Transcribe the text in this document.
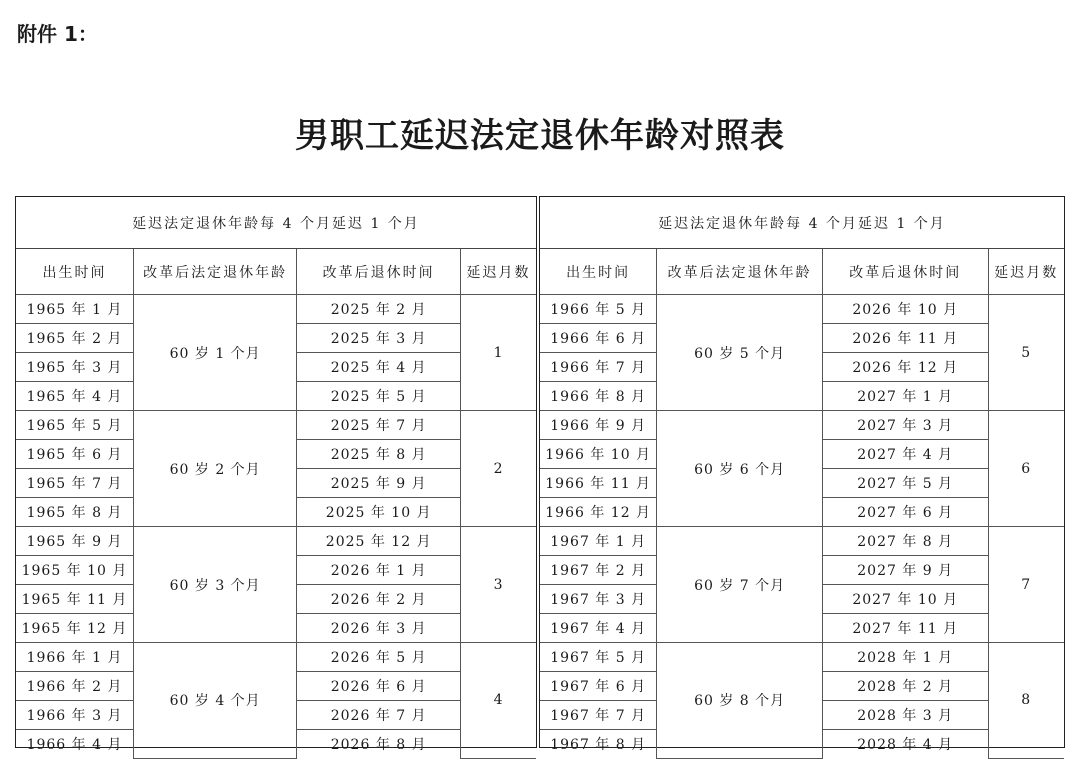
附件 1：
男职工延迟法定退休年龄对照表
延迟法定退休年龄每 4 个月延迟 1 个月
出生时间	改革后法定退休年龄	改革后退休时间	延迟月数
1965 年 1 月	60 岁 1 个月	2025 年 2 月	1
1965 年 2 月		2025 年 3 月	
1965 年 3 月		2025 年 4 月	
1965 年 4 月		2025 年 5 月	
1965 年 5 月	60 岁 2 个月	2025 年 7 月	2
1965 年 6 月		2025 年 8 月	
1965 年 7 月		2025 年 9 月	
1965 年 8 月		2025 年 10 月	
1965 年 9 月	60 岁 3 个月	2025 年 12 月	3
1965 年 10 月		2026 年 1 月	
1965 年 11 月		2026 年 2 月	
1965 年 12 月		2026 年 3 月	
1966 年 1 月	60 岁 4 个月	2026 年 5 月	4
1966 年 2 月		2026 年 6 月	
1966 年 3 月		2026 年 7 月	
1966 年 4 月		2026 年 8 月	
延迟法定退休年龄每 4 个月延迟 1 个月
出生时间	改革后法定退休年龄	改革后退休时间	延迟月数
1966 年 5 月	60 岁 5 个月	2026 年 10 月	5
1966 年 6 月		2026 年 11 月	
1966 年 7 月		2026 年 12 月	
1966 年 8 月		2027 年 1 月	
1966 年 9 月	60 岁 6 个月	2027 年 3 月	6
1966 年 10 月		2027 年 4 月	
1966 年 11 月		2027 年 5 月	
1966 年 12 月		2027 年 6 月	
1967 年 1 月	60 岁 7 个月	2027 年 8 月	7
1967 年 2 月		2027 年 9 月	
1967 年 3 月		2027 年 10 月	
1967 年 4 月		2027 年 11 月	
1967 年 5 月	60 岁 8 个月	2028 年 1 月	8
1967 年 6 月		2028 年 2 月	
1967 年 7 月		2028 年 3 月	
1967 年 8 月		2028 年 4 月	
